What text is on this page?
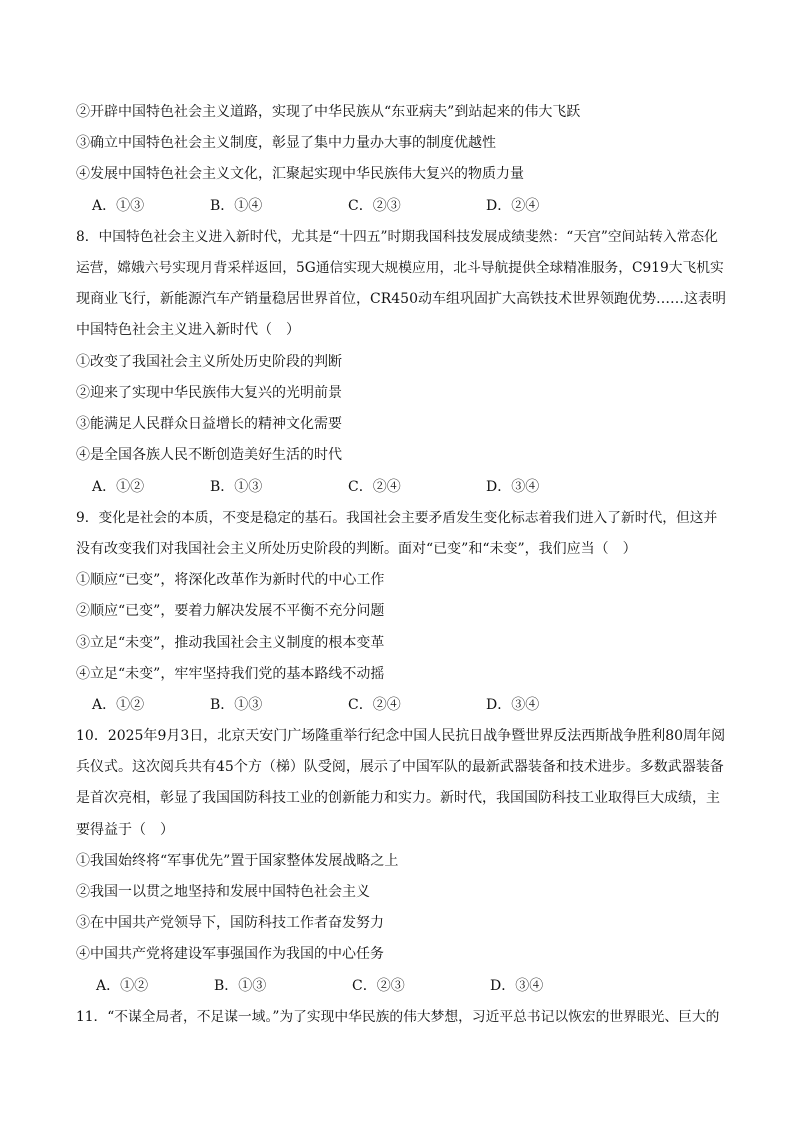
②开辟中国特色社会主义道路，实现了中华民族从“东亚病夫”到站起来的伟大飞跃
③确立中国特色社会主义制度，彰显了集中力量办大事的制度优越性
④发展中国特色社会主义文化，汇聚起实现中华民族伟大复兴的物质力量
A．①③	B．①④	C．②③	D．②④
8．中国特色社会主义进入新时代，尤其是“十四五”时期我国科技发展成绩斐然：“天宫”空间站转入常态化
运营，嫦娥六号实现月背采样返回，5G通信实现大规模应用，北斗导航提供全球精准服务，C919大飞机实
现商业飞行，新能源汽车产销量稳居世界首位，CR450动车组巩固扩大高铁技术世界领跑优势……这表明
中国特色社会主义进入新时代（　）
①改变了我国社会主义所处历史阶段的判断
②迎来了实现中华民族伟大复兴的光明前景
③能满足人民群众日益增长的精神文化需要
④是全国各族人民不断创造美好生活的时代
A．①②	B．①③	C．②④	D．③④
9．变化是社会的本质，不变是稳定的基石。我国社会主要矛盾发生变化标志着我们进入了新时代，但这并
没有改变我们对我国社会主义所处历史阶段的判断。面对“已变”和“未变”，我们应当（　）
①顺应“已变”，将深化改革作为新时代的中心工作
②顺应“已变”，要着力解决发展不平衡不充分问题
③立足“未变”，推动我国社会主义制度的根本变革
④立足“未变”，牢牢坚持我们党的基本路线不动摇
A．①②	B．①③	C．②④	D．③④
10．2025年9月3日，北京天安门广场隆重举行纪念中国人民抗日战争暨世界反法西斯战争胜利80周年阅
兵仪式。这次阅兵共有45个方（梯）队受阅，展示了中国军队的最新武器装备和技术进步。多数武器装备
是首次亮相，彰显了我国国防科技工业的创新能力和实力。新时代，我国国防科技工业取得巨大成绩，主
要得益于（　）
①我国始终将“军事优先”置于国家整体发展战略之上
②我国一以贯之地坚持和发展中国特色社会主义
③在中国共产党领导下，国防科技工作者奋发努力
④中国共产党将建设军事强国作为我国的中心任务
A．①②	B．①③	C．②③	D．③④
11．“不谋全局者，不足谋一域。”为了实现中华民族的伟大梦想，习近平总书记以恢宏的世界眼光、巨大的
